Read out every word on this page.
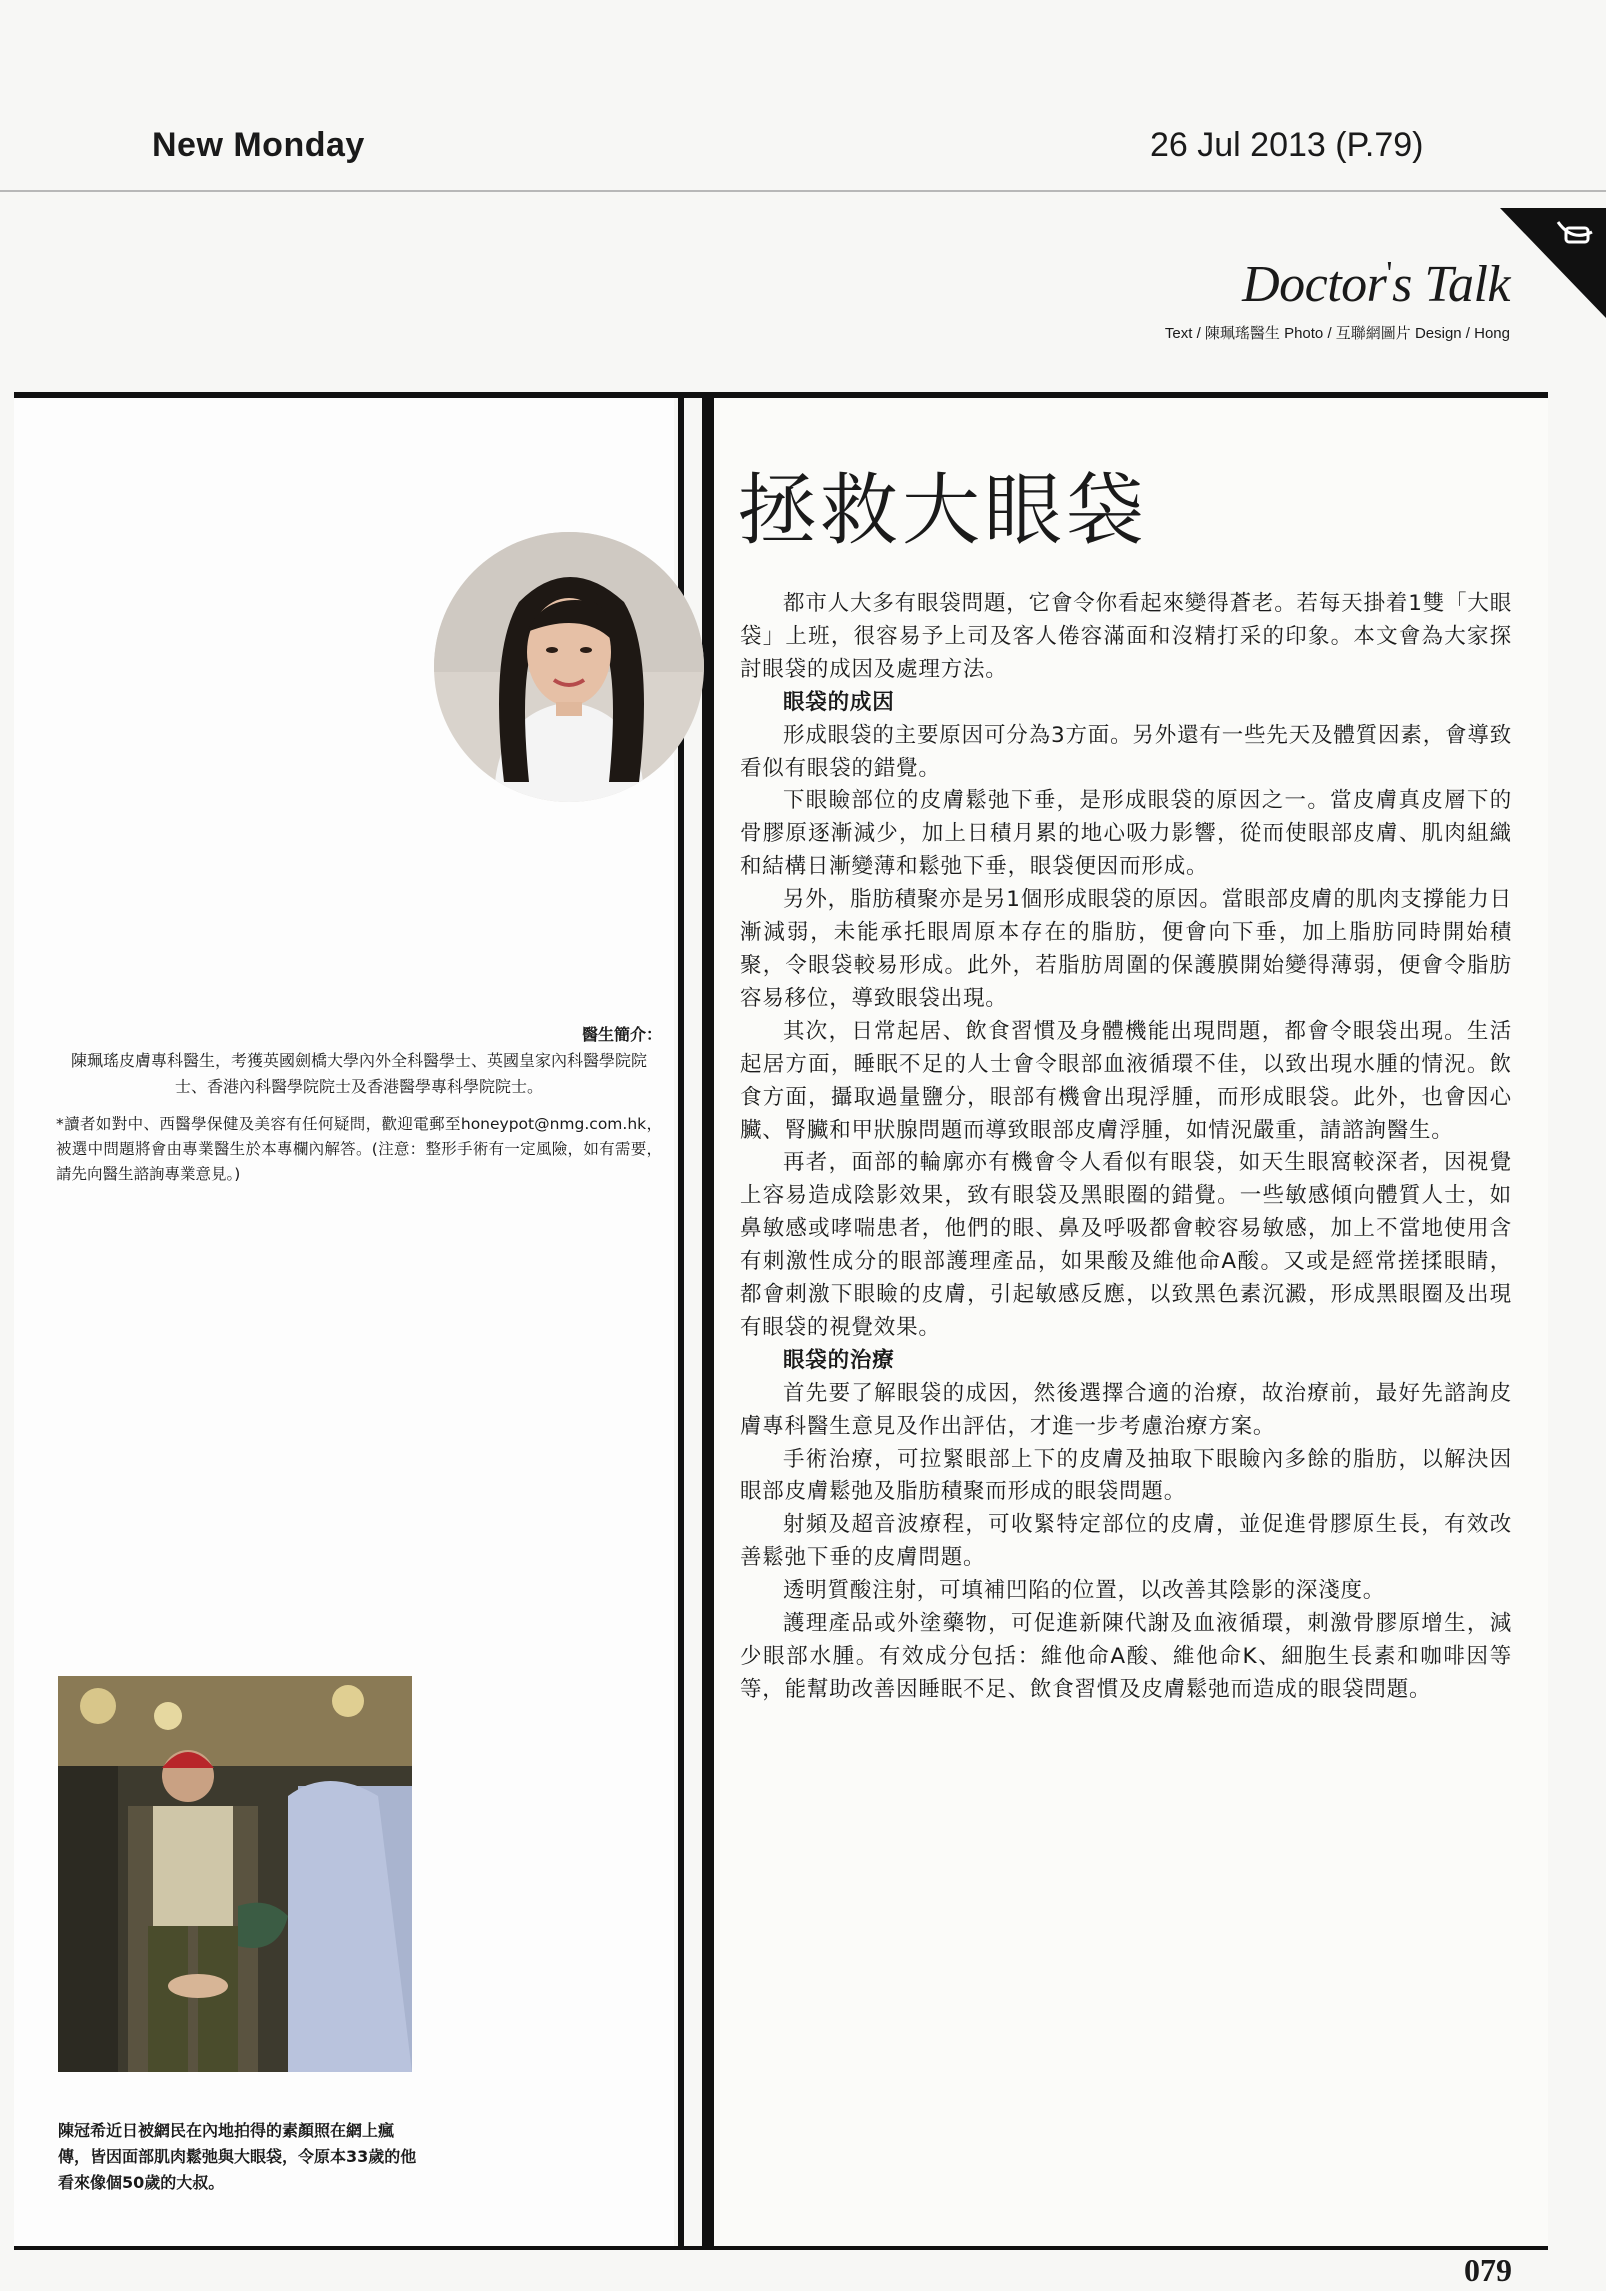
New Monday	26 Jul 2013 (P.79)
Doctor's Talk
Text / 陳珮瑤醫生 Photo / 互聯網圖片 Design / Hong
醫生簡介：
陳珮瑤皮膚專科醫生，考獲英國劍橋大學內外全科醫學士、英國皇家內科醫學院院士、香港內科醫學院院士及香港醫學專科學院院士。
*讀者如對中、西醫學保健及美容有任何疑問，歡迎電郵至honeypot@nmg.com.hk，被選中問題將會由專業醫生於本專欄內解答。(注意：整形手術有一定風險，如有需要，請先向醫生諮詢專業意見。)
陳冠希近日被網民在內地拍得的素顏照在網上瘋傳，皆因面部肌肉鬆弛與大眼袋，令原本33歲的他看來像個50歲的大叔。
拯救大眼袋

都市人大多有眼袋問題，它會令你看起來變得蒼老。若每天掛着1雙「大眼袋」上班，很容易予上司及客人倦容滿面和沒精打采的印象。本文會為大家探討眼袋的成因及處理方法。

眼袋的成因

形成眼袋的主要原因可分為3方面。另外還有一些先天及體質因素，會導致看似有眼袋的錯覺。

下眼瞼部位的皮膚鬆弛下垂，是形成眼袋的原因之一。當皮膚真皮層下的骨膠原逐漸減少，加上日積月累的地心吸力影響，從而使眼部皮膚、肌肉組織和結構日漸變薄和鬆弛下垂，眼袋便因而形成。

另外，脂肪積聚亦是另1個形成眼袋的原因。當眼部皮膚的肌肉支撐能力日漸減弱，未能承托眼周原本存在的脂肪，便會向下垂，加上脂肪同時開始積聚，令眼袋較易形成。此外，若脂肪周圍的保護膜開始變得薄弱，便會令脂肪容易移位，導致眼袋出現。

其次，日常起居、飲食習慣及身體機能出現問題，都會令眼袋出現。生活起居方面，睡眠不足的人士會令眼部血液循環不佳，以致出現水腫的情況。飲食方面，攝取過量鹽分，眼部有機會出現浮腫，而形成眼袋。此外，也會因心臟、腎臟和甲狀腺問題而導致眼部皮膚浮腫，如情況嚴重，請諮詢醫生。

再者，面部的輪廓亦有機會令人看似有眼袋，如天生眼窩較深者，因視覺上容易造成陰影效果，致有眼袋及黑眼圈的錯覺。一些敏感傾向體質人士，如鼻敏感或哮喘患者，他們的眼、鼻及呼吸都會較容易敏感，加上不當地使用含有刺激性成分的眼部護理產品，如果酸及維他命A酸。又或是經常搓揉眼睛，都會刺激下眼瞼的皮膚，引起敏感反應，以致黑色素沉澱，形成黑眼圈及出現有眼袋的視覺效果。

眼袋的治療

首先要了解眼袋的成因，然後選擇合適的治療，故治療前，最好先諮詢皮膚專科醫生意見及作出評估，才進一步考慮治療方案。

手術治療，可拉緊眼部上下的皮膚及抽取下眼瞼內多餘的脂肪，以解決因眼部皮膚鬆弛及脂肪積聚而形成的眼袋問題。

射頻及超音波療程，可收緊特定部位的皮膚，並促進骨膠原生長，有效改善鬆弛下垂的皮膚問題。

透明質酸注射，可填補凹陷的位置，以改善其陰影的深淺度。

護理產品或外塗藥物，可促進新陳代謝及血液循環，刺激骨膠原增生，減少眼部水腫。有效成分包括：維他命A酸、維他命K、細胞生長素和咖啡因等等，能幫助改善因睡眠不足、飲食習慣及皮膚鬆弛而造成的眼袋問題。

079
